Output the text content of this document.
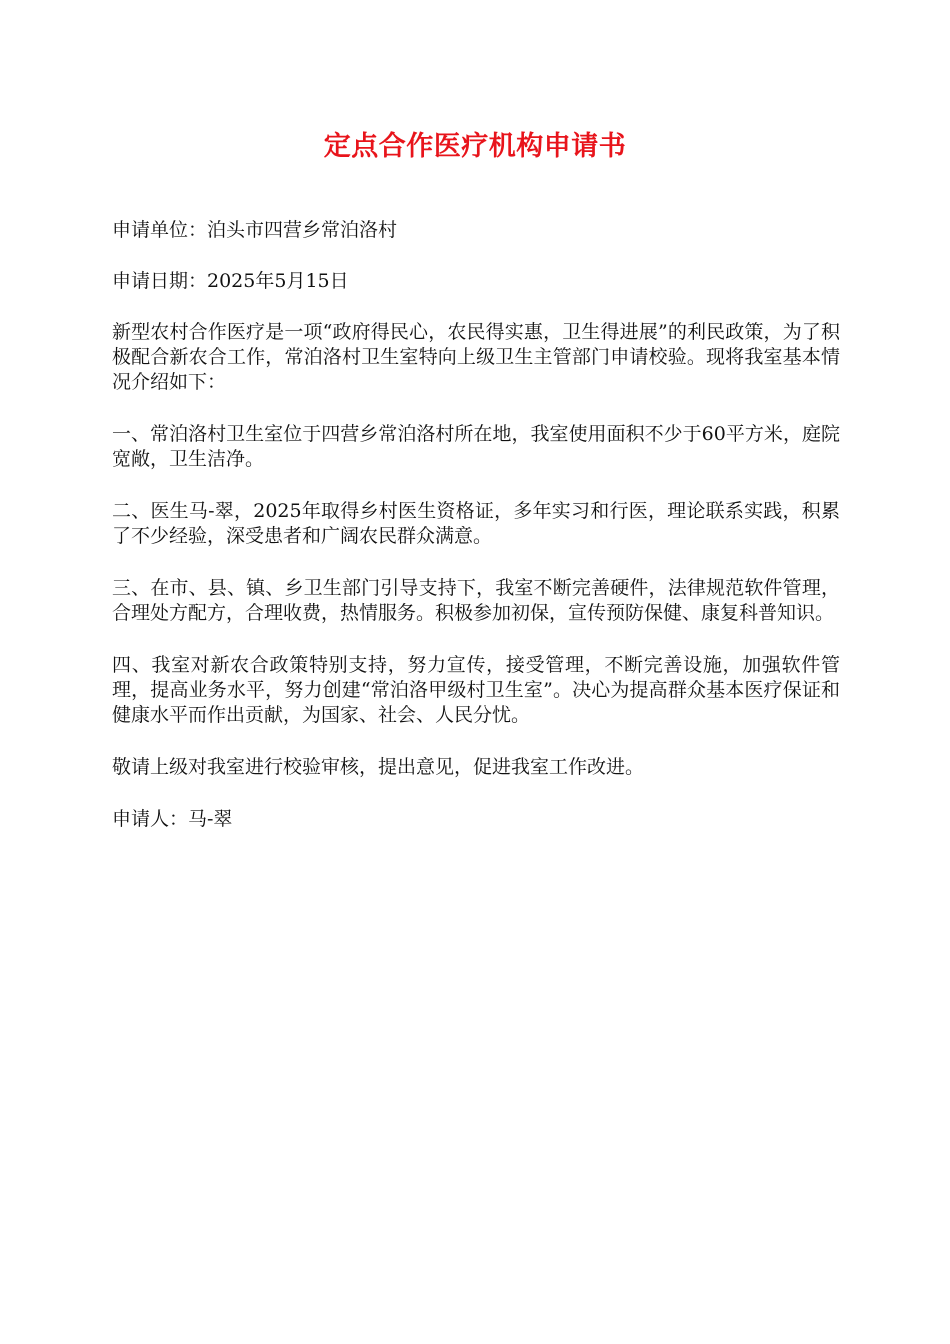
定点合作医疗机构申请书

申请单位：泊头市四营乡常泊洛村

申请日期：2025年5月15日

新型农村合作医疗是一项“政府得民心，农民得实惠，卫生得进展”的利民政策，为了积极配合新农合工作，常泊洛村卫生室特向上级卫生主管部门申请校验。现将我室基本情况介绍如下：

一、常泊洛村卫生室位于四营乡常泊洛村所在地，我室使用面积不少于60平方米，庭院宽敞，卫生洁净。

二、医生马-翠，2025年取得乡村医生资格证，多年实习和行医，理论联系实践，积累了不少经验，深受患者和广阔农民群众满意。

三、在市、县、镇、乡卫生部门引导支持下，我室不断完善硬件，法律规范软件管理，合理处方配方，合理收费，热情服务。积极参加初保，宣传预防保健、康复科普知识。

四、我室对新农合政策特别支持，努力宣传，接受管理，不断完善设施，加强软件管理，提高业务水平，努力创建“常泊洛甲级村卫生室”。决心为提高群众基本医疗保证和健康水平而作出贡献，为国家、社会、人民分忧。

敬请上级对我室进行校验审核，提出意见，促进我室工作改进。

申请人：马-翠
